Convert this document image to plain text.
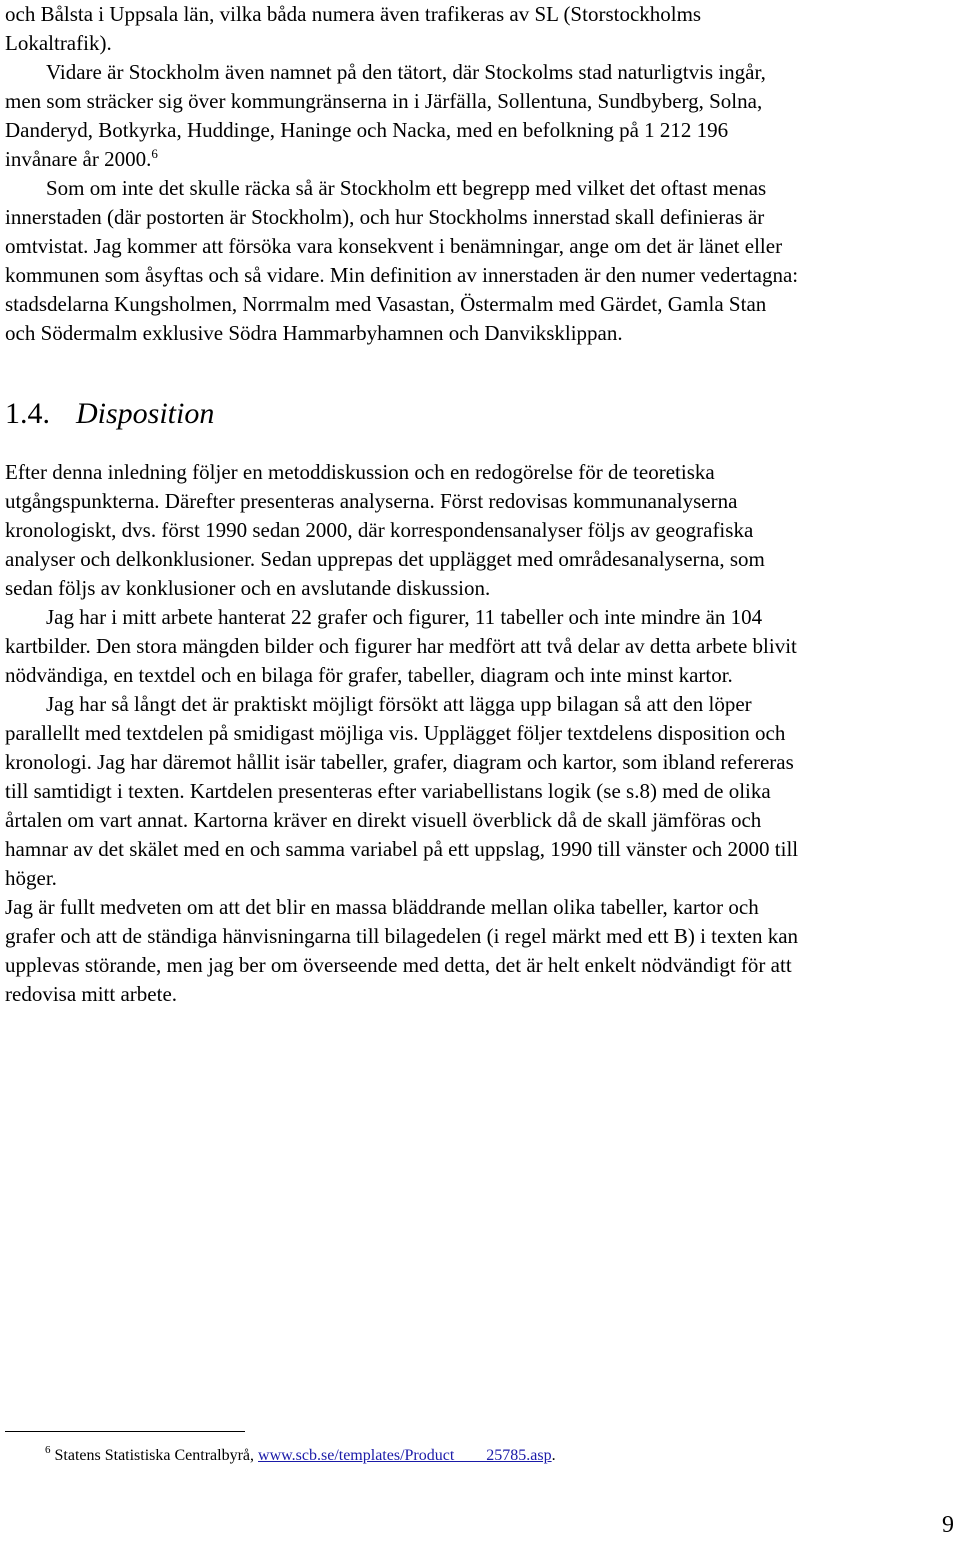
och Bålsta i Uppsala län, vilka båda numera även trafikeras av SL (Storstockholms
Lokaltrafik).
Vidare är Stockholm även namnet på den tätort, där Stockolms stad naturligtvis ingår,
men som sträcker sig över kommungränserna in i Järfälla, Sollentuna, Sundbyberg, Solna,
Danderyd, Botkyrka, Huddinge, Haninge och Nacka, med en befolkning på 1 212 196
invånare år 2000.$^6$
Som om inte det skulle räcka så är Stockholm ett begrepp med vilket det oftast menas
innerstaden (där postorten är Stockholm), och hur Stockholms innerstad skall definieras är
omtvistat. Jag kommer att försöka vara konsekvent i benämningar, ange om det är länet eller
kommunen som åsyftas och så vidare. Min definition av innerstaden är den numer vedertagna:
stadsdelarna Kungsholmen, Norrmalm med Vasastan, Östermalm med Gärdet, Gamla Stan
och Södermalm exklusive Södra Hammarbyhamnen och Danviksklippan.
1.4. Disposition
Efter denna inledning följer en metoddiskussion och en redogörelse för de teoretiska
utgångspunkterna. Därefter presenteras analyserna. Först redovisas kommunanalyserna
kronologiskt, dvs. först 1990 sedan 2000, där korrespondensanalyser följs av geografiska
analyser och delkonklusioner. Sedan upprepas det upplägget med områdesanalyserna, som
sedan följs av konklusioner och en avslutande diskussion.
Jag har i mitt arbete hanterat 22 grafer och figurer, 11 tabeller och inte mindre än 104
kartbilder. Den stora mängden bilder och figurer har medfört att två delar av detta arbete blivit
nödvändiga, en textdel och en bilaga för grafer, tabeller, diagram och inte minst kartor.
Jag har så långt det är praktiskt möjligt försökt att lägga upp bilagan så att den löper
parallellt med textdelen på smidigast möjliga vis. Upplägget följer textdelens disposition och
kronologi. Jag har däremot hållit isär tabeller, grafer, diagram och kartor, som ibland refereras
till samtidigt i texten. Kartdelen presenteras efter variabellistans logik (se s.8) med de olika
årtalen om vart annat. Kartorna kräver en direkt visuell överblick då de skall jämföras och
hamnar av det skälet med en och samma variabel på ett uppslag, 1990 till vänster och 2000 till
höger.
Jag är fullt medveten om att det blir en massa bläddrande mellan olika tabeller, kartor och
grafer och att de ständiga hänvisningarna till bilagedelen (i regel märkt med ett B) i texten kan
upplevas störande, men jag ber om överseende med detta, det är helt enkelt nödvändigt för att
redovisa mitt arbete.
$^6$ Statens Statistiska Centralbyrå, www.scb.se/templates/Product____25785.asp.
9
